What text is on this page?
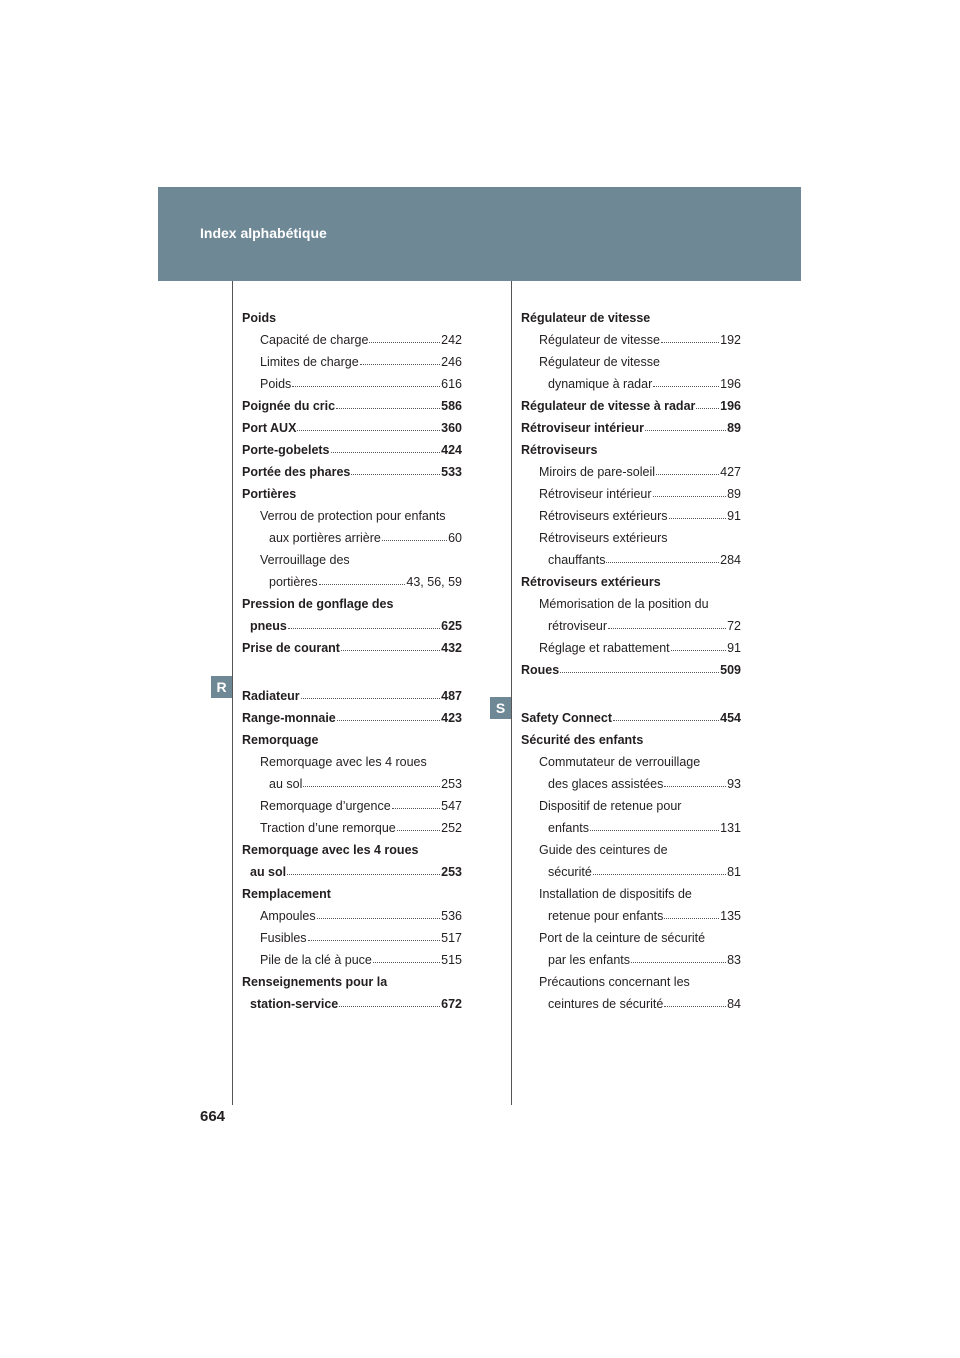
Index alphabétique
R
S
Poids
Capacité de charge	242
Limites de charge	246
Poids	616
Poignée du cric	586
Port AUX	360
Porte-gobelets	424
Portée des phares	533
Portières
Verrou de protection pour enfants
aux portières arrière	60
Verrouillage des
portières	43, 56, 59
Pression de gonflage des
pneus	625
Prise de courant	432
Radiateur	487
Range-monnaie	423
Remorquage
Remorquage avec les 4 roues
au sol	253
Remorquage d’urgence	547
Traction d’une remorque	252
Remorquage avec les 4 roues
au sol	253
Remplacement
Ampoules	536
Fusibles	517
Pile de la clé à puce	515
Renseignements pour la
station-service	672
Régulateur de vitesse
Régulateur de vitesse	192
Régulateur de vitesse
dynamique à radar	196
Régulateur de vitesse à radar 196
Rétroviseur intérieur	89
Rétroviseurs
Miroirs de pare-soleil	427
Rétroviseur intérieur	89
Rétroviseurs extérieurs	91
Rétroviseurs extérieurs
chauffants	284
Rétroviseurs extérieurs
Mémorisation de la position du
rétroviseur	72
Réglage et rabattement	91
Roues	509
Safety Connect	454
Sécurité des enfants
Commutateur de verrouillage
des glaces assistées	93
Dispositif de retenue pour
enfants	131
Guide des ceintures de
sécurité	81
Installation de dispositifs de
retenue pour enfants	135
Port de la ceinture de sécurité
par les enfants	83
Précautions concernant les
ceintures de sécurité	84
664
